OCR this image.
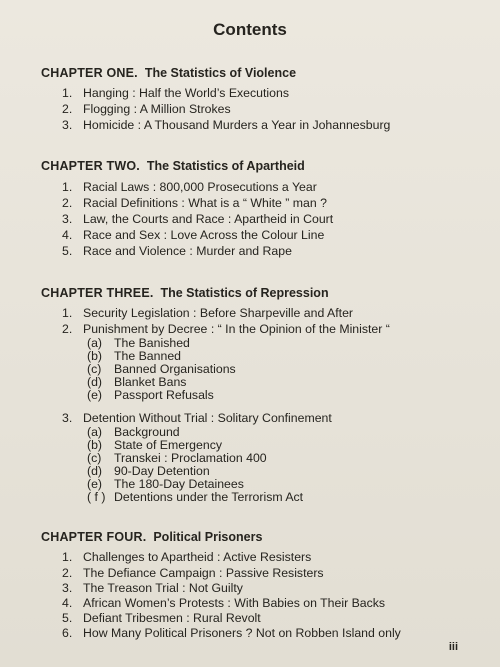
Contents
CHAPTER ONE. The Statistics of Violence
1. Hanging : Half the World’s Executions
2. Flogging : A Million Strokes
3. Homicide : A Thousand Murders a Year in Johannesburg
CHAPTER TWO. The Statistics of Apartheid
1. Racial Laws : 800,000 Prosecutions a Year
2. Racial Definitions : What is a “ White ” man ?
3. Law, the Courts and Race : Apartheid in Court
4. Race and Sex : Love Across the Colour Line
5. Race and Violence : Murder and Rape
CHAPTER THREE. The Statistics of Repression
1. Security Legislation : Before Sharpeville and After
2. Punishment by Decree : “ In the Opinion of the Minister “
(a) The Banished
(b) The Banned
(c) Banned Organisations
(d) Blanket Bans
(e) Passport Refusals
3. Detention Without Trial : Solitary Confinement
(a) Background
(b) State of Emergency
(c) Transkei : Proclamation 400
(d) 90-Day Detention
(e) The 180-Day Detainees
( f ) Detentions under the Terrorism Act
CHAPTER FOUR. Political Prisoners
1. Challenges to Apartheid : Active Resisters
2. The Defiance Campaign : Passive Resisters
3. The Treason Trial : Not Guilty
4. African Women’s Protests : With Babies on Their Backs
5. Defiant Tribesmen : Rural Revolt
6. How Many Political Prisoners ? Not on Robben Island only
iii
